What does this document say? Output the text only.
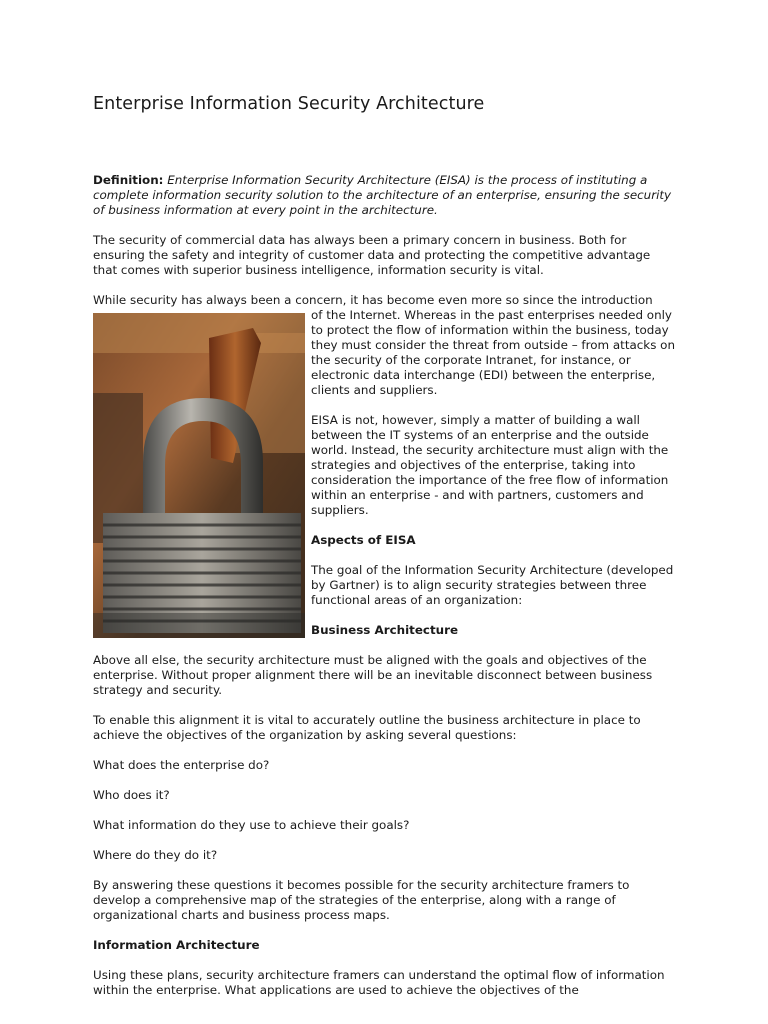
Enterprise Information Security Architecture

Definition: Enterprise Information Security Architecture (EISA) is the process of instituting a complete information security solution to the architecture of an enterprise, ensuring the security of business information at every point in the architecture.

The security of commercial data has always been a primary concern in business. Both for ensuring the safety and integrity of customer data and protecting the competitive advantage that comes with superior business intelligence, information security is vital.

While security has always been a concern, it has become even more so since the introduction

of the Internet. Whereas in the past enterprises needed only to protect the flow of information within the business, today they must consider the threat from outside – from attacks on the security of the corporate Intranet, for instance, or electronic data interchange (EDI) between the enterprise, clients and suppliers.

EISA is not, however, simply a matter of building a wall between the IT systems of an enterprise and the outside world. Instead, the security architecture must align with the strategies and objectives of the enterprise, taking into consideration the importance of the free flow of information within an enterprise - and with partners, customers and suppliers.

Aspects of EISA

The goal of the Information Security Architecture (developed by Gartner) is to align security strategies between three functional areas of an organization:

Business Architecture

Above all else, the security architecture must be aligned with the goals and objectives of the enterprise. Without proper alignment there will be an inevitable disconnect between business strategy and security.

To enable this alignment it is vital to accurately outline the business architecture in place to achieve the objectives of the organization by asking several questions:

What does the enterprise do?

Who does it?

What information do they use to achieve their goals?

Where do they do it?

By answering these questions it becomes possible for the security architecture framers to develop a comprehensive map of the strategies of the enterprise, along with a range of organizational charts and business process maps.

Information Architecture

Using these plans, security architecture framers can understand the optimal flow of information within the enterprise. What applications are used to achieve the objectives of the
